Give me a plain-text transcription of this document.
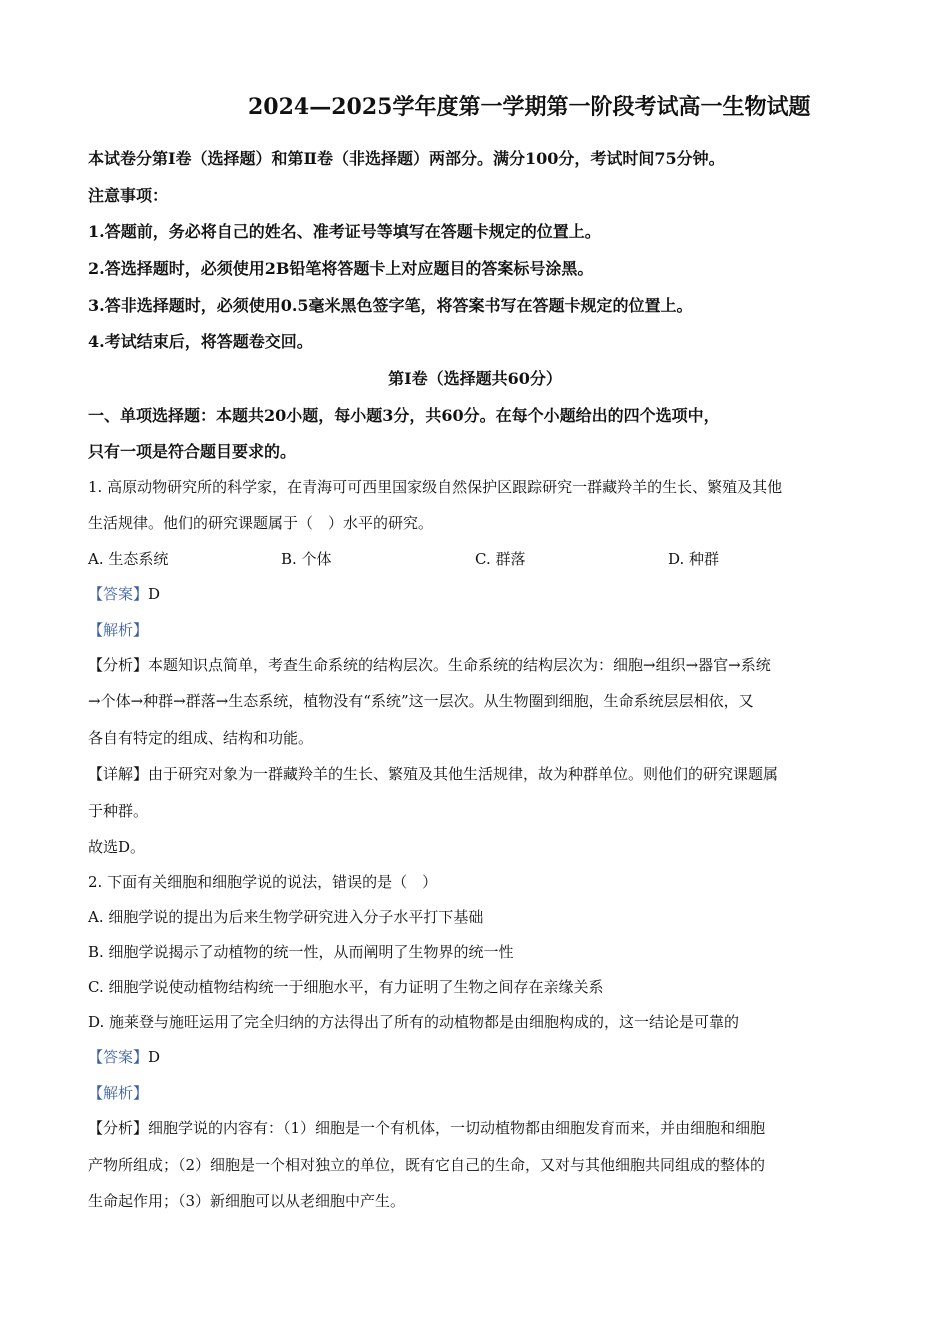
2024—2025学年度第一学期第一阶段考试高一生物试题
本试卷分第Ⅰ卷（选择题）和第Ⅱ卷（非选择题）两部分。满分100分，考试时间75分钟。
注意事项：
1.答题前，务必将自己的姓名、准考证号等填写在答题卡规定的位置上。
2.答选择题时，必须使用2B铅笔将答题卡上对应题目的答案标号涂黑。
3.答非选择题时，必须使用0.5毫米黑色签字笔，将答案书写在答题卡规定的位置上。
4.考试结束后，将答题卷交回。
第Ⅰ卷（选择题共60分）
一、单项选择题：本题共20小题，每小题3分，共60分。在每个小题给出的四个选项中，
只有一项是符合题目要求的。
1. 高原动物研究所的科学家，在青海可可西里国家级自然保护区跟踪研究一群藏羚羊的生长、繁殖及其他
生活规律。他们的研究课题属于（　）水平的研究。
A. 生态系统	B. 个体	C. 群落	D. 种群
【答案】D
【解析】
【分析】本题知识点简单，考查生命系统的结构层次。生命系统的结构层次为：细胞→组织→器官→系统
→个体→种群→群落→生态系统，植物没有“系统”这一层次。从生物圈到细胞，生命系统层层相依，又
各自有特定的组成、结构和功能。
【详解】由于研究对象为一群藏羚羊的生长、繁殖及其他生活规律，故为种群单位。则他们的研究课题属
于种群。
故选D。
2. 下面有关细胞和细胞学说的说法，错误的是（　）
A. 细胞学说的提出为后来生物学研究进入分子水平打下基础
B. 细胞学说揭示了动植物的统一性，从而阐明了生物界的统一性
C. 细胞学说使动植物结构统一于细胞水平，有力证明了生物之间存在亲缘关系
D. 施莱登与施旺运用了完全归纳的方法得出了所有的动植物都是由细胞构成的，这一结论是可靠的
【答案】D
【解析】
【分析】细胞学说的内容有：（1）细胞是一个有机体，一切动植物都由细胞发育而来，并由细胞和细胞
产物所组成；（2）细胞是一个相对独立的单位，既有它自己的生命，又对与其他细胞共同组成的整体的
生命起作用；（3）新细胞可以从老细胞中产生。
